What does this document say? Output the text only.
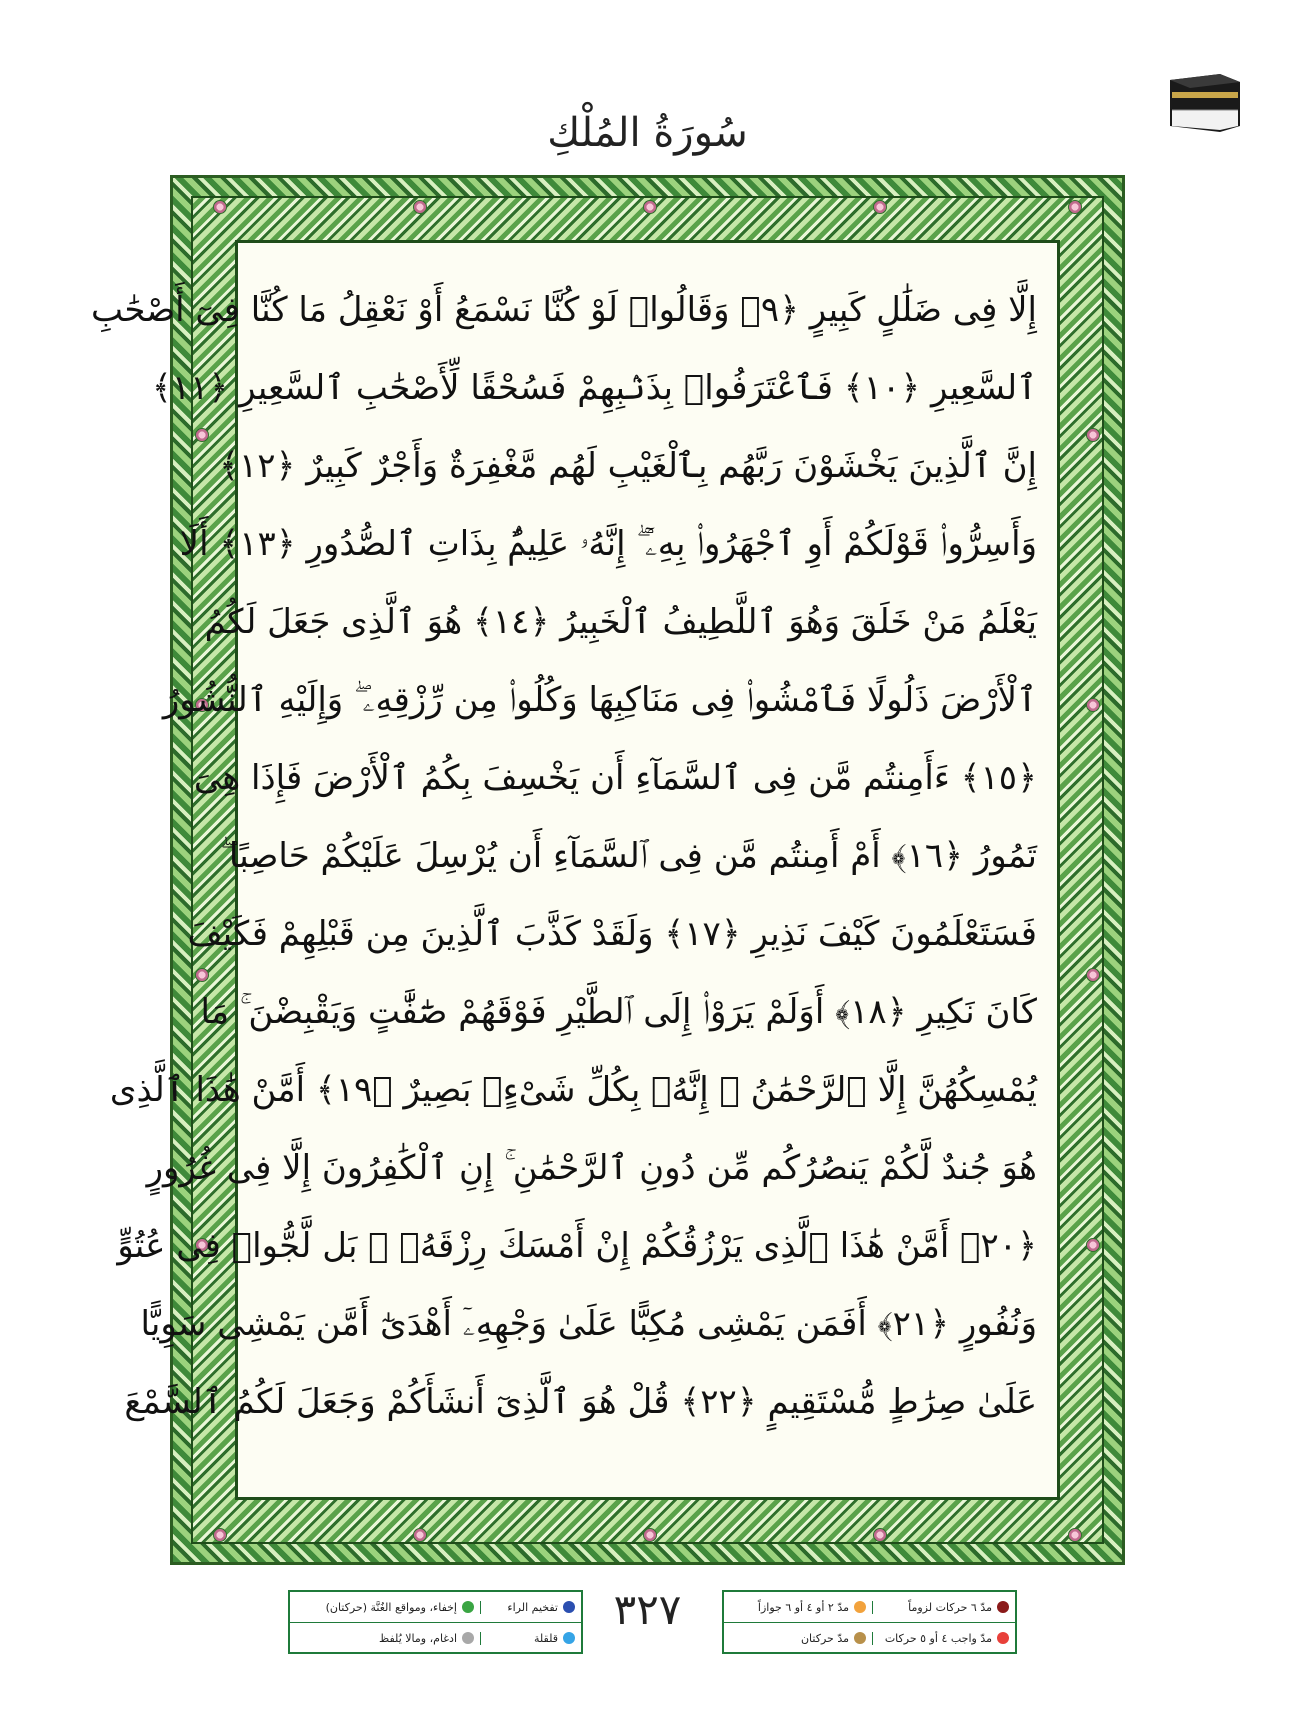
سُورَةُ المُلْكِ
إِلَّا فِى ضَلَٰلٍ كَبِيرٍ ﴿٩﴾ وَقَالُوا۟ لَوْ كُنَّا نَسْمَعُ أَوْ نَعْقِلُ مَا كُنَّا فِىٓ أَصْحَٰبِ
ٱلسَّعِيرِ ﴿١٠﴾ فَٱعْتَرَفُوا۟ بِذَنۢبِهِمْ فَسُحْقًا لِّأَصْحَٰبِ ٱلسَّعِيرِ ﴿١١﴾
إِنَّ ٱلَّذِينَ يَخْشَوْنَ رَبَّهُم بِٱلْغَيْبِ لَهُم مَّغْفِرَةٌ وَأَجْرٌ كَبِيرٌ ﴿١٢﴾
وَأَسِرُّوا۟ قَوْلَكُمْ أَوِ ٱجْهَرُوا۟ بِهِۦٓ ۖ إِنَّهُۥ عَلِيمٌۢ بِذَاتِ ٱلصُّدُورِ ﴿١٣﴾ أَلَا
يَعْلَمُ مَنْ خَلَقَ وَهُوَ ٱللَّطِيفُ ٱلْخَبِيرُ ﴿١٤﴾ هُوَ ٱلَّذِى جَعَلَ لَكُمُ
ٱلْأَرْضَ ذَلُولًا فَٱمْشُوا۟ فِى مَنَاكِبِهَا وَكُلُوا۟ مِن رِّزْقِهِۦ ۖ وَإِلَيْهِ ٱلنُّشُورُ
﴿١٥﴾ ءَأَمِنتُم مَّن فِى ٱلسَّمَآءِ أَن يَخْسِفَ بِكُمُ ٱلْأَرْضَ فَإِذَا هِىَ
تَمُورُ ﴿١٦﴾ أَمْ أَمِنتُم مَّن فِى ٱلسَّمَآءِ أَن يُرْسِلَ عَلَيْكُمْ حَاصِبًا ۖ
فَسَتَعْلَمُونَ كَيْفَ نَذِيرِ ﴿١٧﴾ وَلَقَدْ كَذَّبَ ٱلَّذِينَ مِن قَبْلِهِمْ فَكَيْفَ
كَانَ نَكِيرِ ﴿١٨﴾ أَوَلَمْ يَرَوْا۟ إِلَى ٱلطَّيْرِ فَوْقَهُمْ صَٰٓفَّٰتٍ وَيَقْبِضْنَ ۚ مَا
يُمْسِكُهُنَّ إِلَّا ٱلرَّحْمَٰنُ ۚ إِنَّهُۥ بِكُلِّ شَىْءٍۭ بَصِيرٌ ﴿١٩﴾ أَمَّنْ هَٰذَا ٱلَّذِى
هُوَ جُندٌ لَّكُمْ يَنصُرُكُم مِّن دُونِ ٱلرَّحْمَٰنِ ۚ إِنِ ٱلْكَٰفِرُونَ إِلَّا فِى غُرُورٍ
﴿٢٠﴾ أَمَّنْ هَٰذَا ٱلَّذِى يَرْزُقُكُمْ إِنْ أَمْسَكَ رِزْقَهُۥ ۚ بَل لَّجُّوا۟ فِى عُتُوٍّ
وَنُفُورٍ ﴿٢١﴾ أَفَمَن يَمْشِى مُكِبًّا عَلَىٰ وَجْهِهِۦٓ أَهْدَىٰٓ أَمَّن يَمْشِى سَوِيًّا
عَلَىٰ صِرَٰطٍ مُّسْتَقِيمٍ ﴿٢٢﴾ قُلْ هُوَ ٱلَّذِىٓ أَنشَأَكُمْ وَجَعَلَ لَكُمُ ٱلسَّمْعَ
تفخيم الراء
إخفاء، ومواقع الغُنَّة (حركتان)
قلقلة
ادغام، ومالا يُلفظ
٣٢٧	مدّ ٦ حركات لزوماً
مدّ ٢ أو ٤ أو ٦ جوازاً
مدّ واجب ٤ أو ٥ حركات
مدّ حركتان
